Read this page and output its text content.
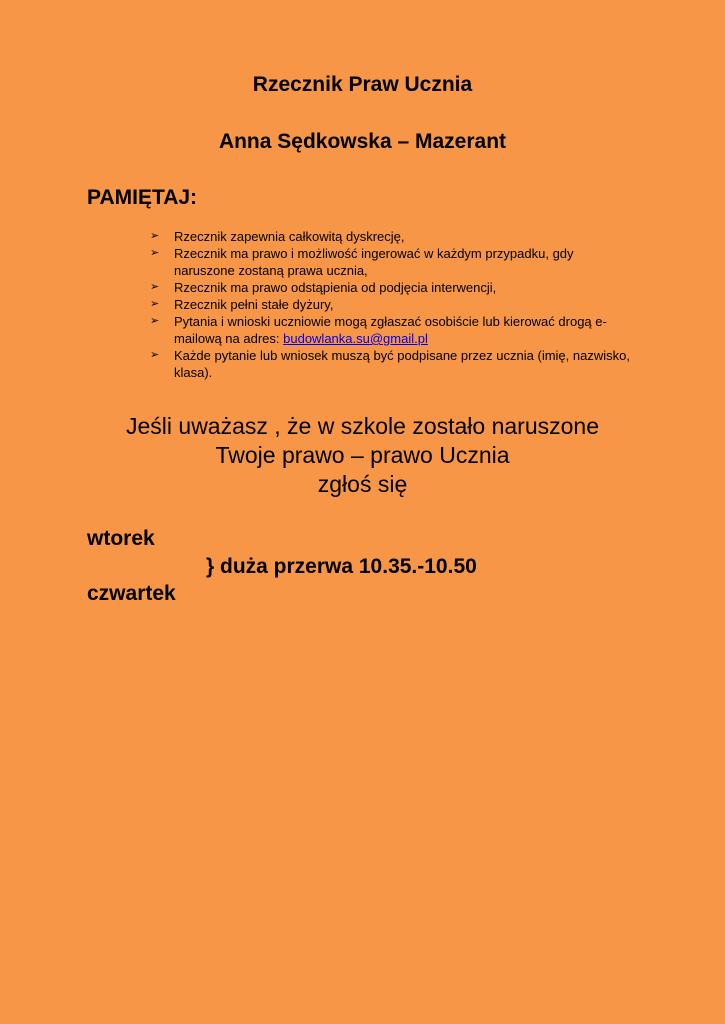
Rzecznik Praw Ucznia
Anna Sędkowska – Mazerant
PAMIĘTAJ:
➢ Rzecznik zapewnia całkowitą dyskrecję,
➢ Rzecznik ma prawo i możliwość ingerować w każdym przypadku, gdy naruszone zostaną prawa ucznia,
➢ Rzecznik ma prawo odstąpienia od podjęcia interwencji,
➢ Rzecznik pełni stałe dyżury,
➢ Pytania i wnioski uczniowie mogą zgłaszać osobiście lub kierować drogą e-mailową na adres: budowlanka.su@gmail.pl
➢ Każde pytanie lub wniosek muszą być podpisane przez ucznia (imię, nazwisko, klasa).
Jeśli uważasz , że w szkole zostało naruszone
Twoje prawo – prawo Ucznia
zgłoś się

wtorek

} duża przerwa 10.35.-10.50

czwartek
